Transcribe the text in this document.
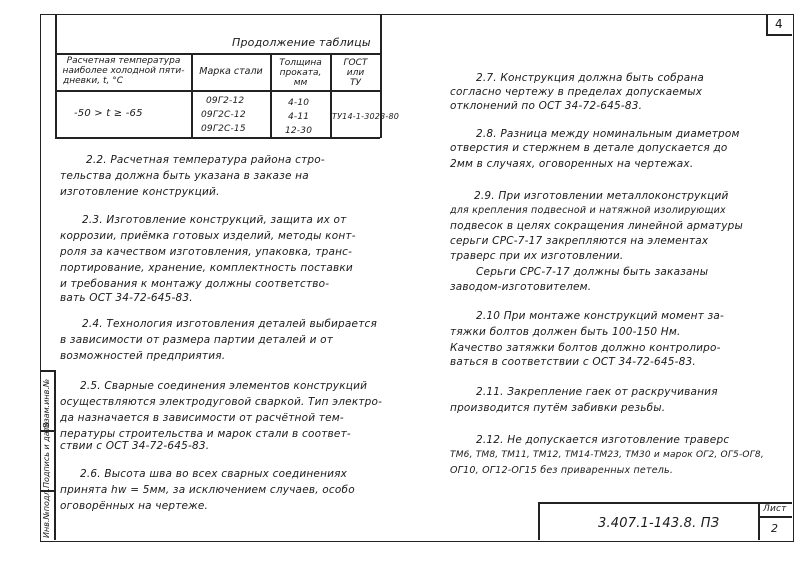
4
Инв.№подл.
Подпись и дата
Взам.инв.№
Продолжение таблицы
Расчетная температура
наиболее холодной пяти-
дневки, t, °С
Марка стали
Толщина
проката,
мм
ГОСТ
или
ТУ
-50 > t ≥ -65
09Г2-12
09Г2С-12
09Г2С-15
4-10
4-11
12-30
ТУ14-1-3023-80
2.2. Расчетная температура района стро-
тельства должна быть указана в заказе на
изготовление конструкций.
2.3. Изготовление конструкций, защита их от
коррозии, приёмка готовых изделий, методы конт-
роля за качеством изготовления, упаковка, транс-
портирование, хранение, комплектность поставки
и требования к монтажу должны соответство-
вать ОСТ 34-72-645-83.
2.4. Технология изготовления деталей выбирается
в зависимости от размера партии деталей и от
возможностей предприятия.
2.5. Сварные соединения элементов конструкций
осуществляются электродуговой сваркой. Тип электро-
да назначается в зависимости от расчётной тем-
пературы строительства и марок стали в соответ-
ствии с ОСТ 34-72-645-83.
2.6. Высота шва во всех сварных соединениях
принята hw = 5мм, за исключением случаев, особо
оговорённых на чертеже.
2.7. Конструкция должна быть собрана
согласно чертежу в пределах допускаемых
отклонений по ОСТ 34-72-645-83.
2.8. Разница между номинальным диаметром
отверстия и стержнем в детале допускается до
2мм в случаях, оговоренных на чертежах.
2.9. При изготовлении металлоконструкций
для крепления подвесной и натяжной изолирующих
подвесок в целях сокращения линейной арматуры
серьги СРС-7-17 закрепляются на элементах
траверс при их изготовлении.
Серьги СРС-7-17 должны быть заказаны
заводом-изготовителем.
2.10 При монтаже конструкций момент за-
тяжки болтов должен быть 100-150 Нм.
Качество затяжки болтов должно контролиро-
ваться в соответствии с ОСТ 34-72-645-83.
2.11. Закрепление гаек от раскручивания
производится путём забивки резьбы.
2.12. Не допускается изготовление траверс
ТМ6, ТМ8, ТМ11, ТМ12, ТМ14-ТМ23, ТМ30 и марок ОГ2, ОГ5-ОГ8,
ОГ10, ОГ12-ОГ15 без приваренных петель.
3.407.1-143.8. ПЗ
Лист
2
